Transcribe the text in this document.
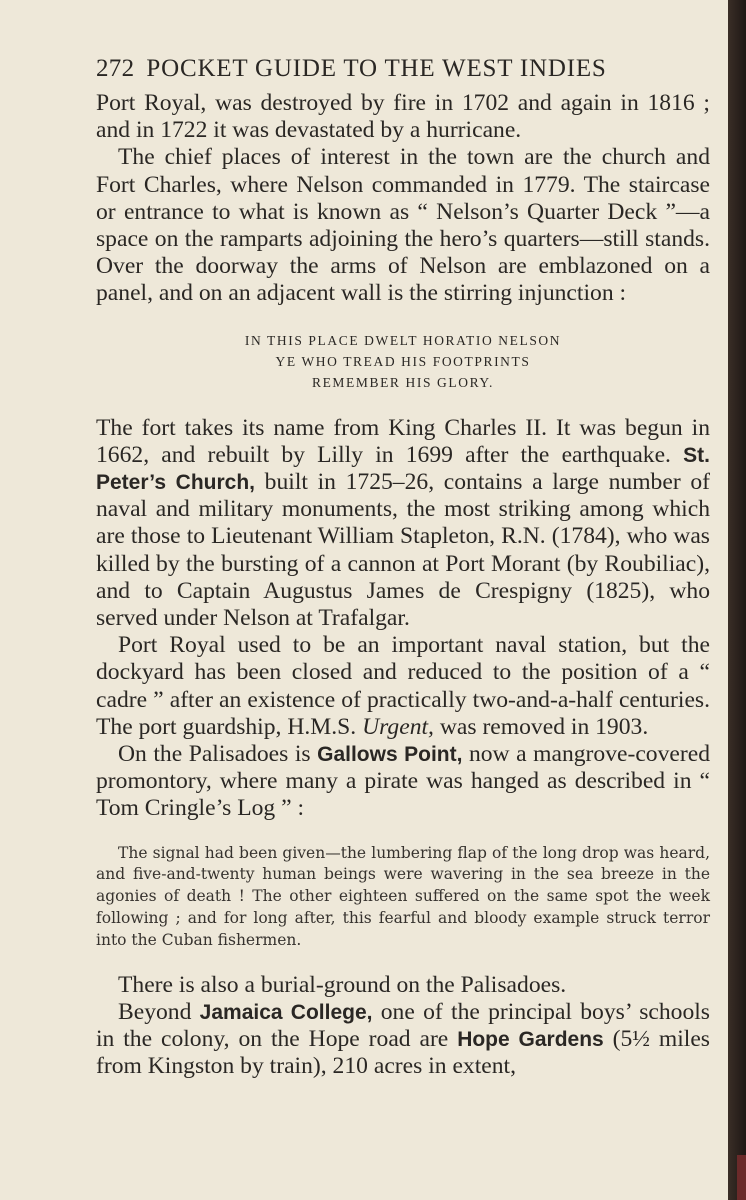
272 POCKET GUIDE TO THE WEST INDIES

Port Royal, was destroyed by fire in 1702 and again in 1816 ; and in 1722 it was devastated by a hurricane.

The chief places of interest in the town are the church and Fort Charles, where Nelson commanded in 1779. The staircase or entrance to what is known as “ Nelson’s Quarter Deck ”—a space on the ramparts adjoining the hero’s quarters—still stands. Over the doorway the arms of Nelson are emblazoned on a panel, and on an adjacent wall is the stirring injunction :

IN THIS PLACE DWELT HORATIO NELSON
YE WHO TREAD HIS FOOTPRINTS
REMEMBER HIS GLORY.

The fort takes its name from King Charles II. It was begun in 1662, and rebuilt by Lilly in 1699 after the earthquake. St. Peter’s Church, built in 1725–26, contains a large number of naval and military monuments, the most striking among which are those to Lieutenant William Stapleton, R.N. (1784), who was killed by the bursting of a cannon at Port Morant (by Roubiliac), and to Captain Augustus James de Crespigny (1825), who served under Nelson at Trafalgar.

Port Royal used to be an important naval station, but the dockyard has been closed and reduced to the position of a “ cadre ” after an existence of practically two-and-a-half centuries. The port guardship, H.M.S. Urgent, was removed in 1903.

On the Palisadoes is Gallows Point, now a mangrove-covered promontory, where many a pirate was hanged as described in “ Tom Cringle’s Log ” :

The signal had been given—the lumbering flap of the long drop was heard, and five-and-twenty human beings were wavering in the sea breeze in the agonies of death ! The other eighteen suffered on the same spot the week following ; and for long after, this fearful and bloody example struck terror into the Cuban fishermen.

There is also a burial-ground on the Palisadoes.

Beyond Jamaica College, one of the principal boys’ schools in the colony, on the Hope road are Hope Gardens (5½ miles from Kingston by train), 210 acres in extent,
